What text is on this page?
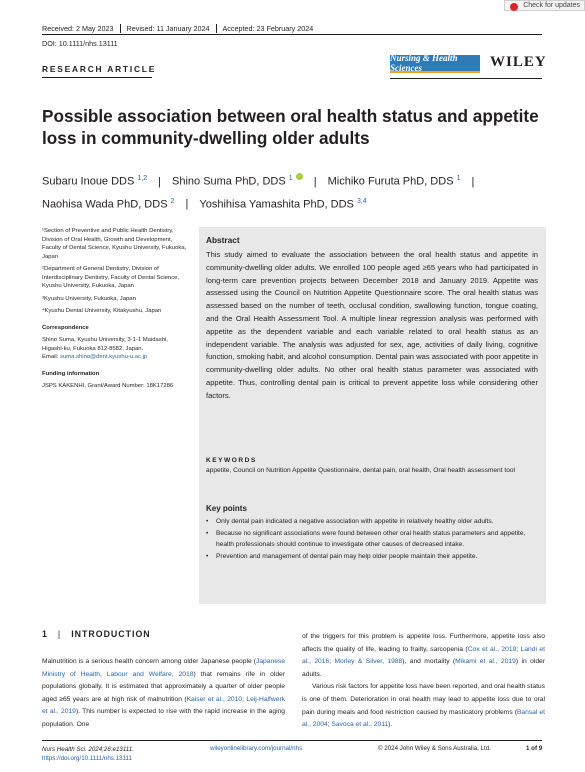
Check for updates
Received: 2 May 2023	Revised: 11 January 2024	Accepted: 23 February 2024
DOI: 10.1111/nhs.13111
RESEARCH ARTICLE
Nursing & Health Sciences	WILEY
Possible association between oral health status and appetite loss in community-dwelling older adults
Subaru Inoue DDS $^{1,2}$ | Shino Suma PhD, DDS $^1$ | Michiko Furuta PhD, DDS $^1$ |
Naohisa Wada PhD, DDS $^2$ | Yoshihisa Yamashita PhD, DDS $^{3,4}$

¹Section of Preventive and Public Health Dentistry, Division of Oral Health, Growth and Development, Faculty of Dental Science, Kyushu University, Fukuoka, Japan

²Department of General Dentistry, Division of Interdisciplinary Dentistry, Faculty of Dental Science, Kyushu University, Fukuoka, Japan

³Kyushu University, Fukuoka, Japan

⁴Kyushu Dental University, Kitakyushu, Japan

Correspondence

Shino Suma, Kyushu University, 3-1-1 Maidashi, Higashi-ku, Fukuoka 812-8582, Japan.

Email: suma.shino@dent.kyushu-u.ac.jp

Funding information

JSPS KAKENHI, Grant/Award Number: 18K17286

Abstract
This study aimed to evaluate the association between the oral health status and appetite in community-dwelling older adults. We enrolled 100 people aged ≥65 years who had participated in long-term care prevention projects between December 2018 and January 2019. Appetite was assessed using the Council on Nutrition Appetite Questionnaire score. The oral health status was assessed based on the number of teeth, occlusal condition, swallowing function, tongue coating, and the Oral Health Assessment Tool. A multiple linear regression analysis was performed with appetite as the dependent variable and each variable related to oral health status as an independent variable. The analysis was adjusted for sex, age, activities of daily living, cognitive function, smoking habit, and alcohol consumption. Dental pain was associated with poor appetite in community-dwelling older adults. No other oral health status parameter was associated with appetite. Thus, controlling dental pain is critical to prevent appetite loss while considering other factors.
KEYWORDS
appetite, Council on Nutrition Appetite Questionnaire, dental pain, oral health, Oral health assessment tool
Key points
• Only dental pain indicated a negative association with appetite in relatively healthy older adults.
• Because no significant associations were found between other oral health status parameters and appetite, health professionals should continue to investigate other causes of decreased intake.
• Prevention and management of dental pain may help older people maintain their appetite.
1 | INTRODUCTION
Malnutrition is a serious health concern among older Japanese people (Japanese Ministry of Health, Labour and Welfare, 2018) that remains rife in older populations globally. It is estimated that approximately a quarter of older people aged ≥65 years are at high risk of malnutrition (Kaiser et al., 2010; Leij-Halfwerk et al., 2019). This number is expected to rise with the rapid increase in the aging population. One

of the triggers for this problem is appetite loss. Furthermore, appetite loss also affects the quality of life, leading to frailty, sarcopenia (Cox et al., 2019; Landi et al., 2016; Morley & Silver, 1988), and mortality (Mikami et al., 2019) in older adults.

Various risk factors for appetite loss have been reported, and oral health status is one of them. Deterioration in oral health may lead to appetite loss due to oral pain during meals and food restriction caused by masticatory problems (Bansal et al., 2004; Savoca et al., 2011).

Nurs Health Sci. 2024;26:e13111.
https://doi.org/10.1111/nhs.13111
wileyonlinelibrary.com/journal/nhs	© 2024 John Wiley & Sons Australia, Ltd.	1 of 9
